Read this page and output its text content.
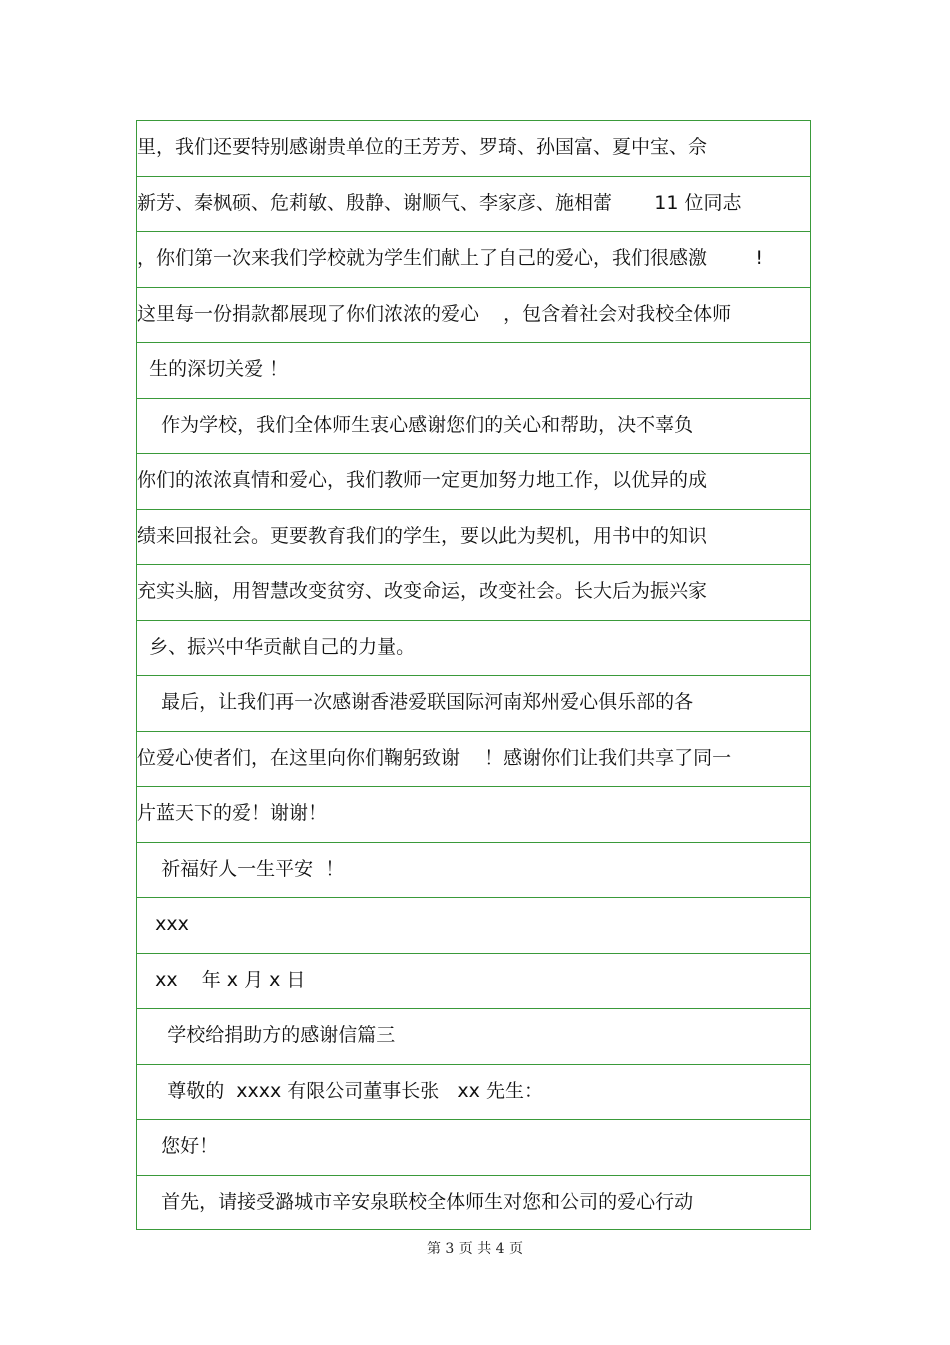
里，我们还要特别感谢贵单位的王芳芳、罗琦、孙国富、夏中宝、佘
新芳、秦枫硕、危莉敏、殷静、谢顺气、李家彦、施相蕾       11 位同志
，你们第一次来我们学校就为学生们献上了自己的爱心，我们很感激        !
这里每一份捐款都展现了你们浓浓的爱心    ，包含着社会对我校全体师
生的深切关爱 ！
作为学校，我们全体师生衷心感谢您们的关心和帮助，决不辜负
你们的浓浓真情和爱心，我们教师一定更加努力地工作，以优异的成
绩来回报社会。更要教育我们的学生，要以此为契机，用书中的知识
充实头脑，用智慧改变贫穷、改变命运，改变社会。长大后为振兴家
乡、振兴中华贡献自己的力量。
最后，让我们再一次感谢香港爱联国际河南郑州爱心俱乐部的各
位爱心使者们，在这里向你们鞠躬致谢    ！感谢你们让我们共享了同一
片蓝天下的爱！谢谢！
祈福好人一生平安  ！
xxx
xx    年 x 月 x 日
学校给捐助方的感谢信篇三
尊敬的  xxxx 有限公司董事长张   xx 先生：
您好！
首先，请接受潞城市辛安泉联校全体师生对您和公司的爱心行动
第 3 页 共 4 页
